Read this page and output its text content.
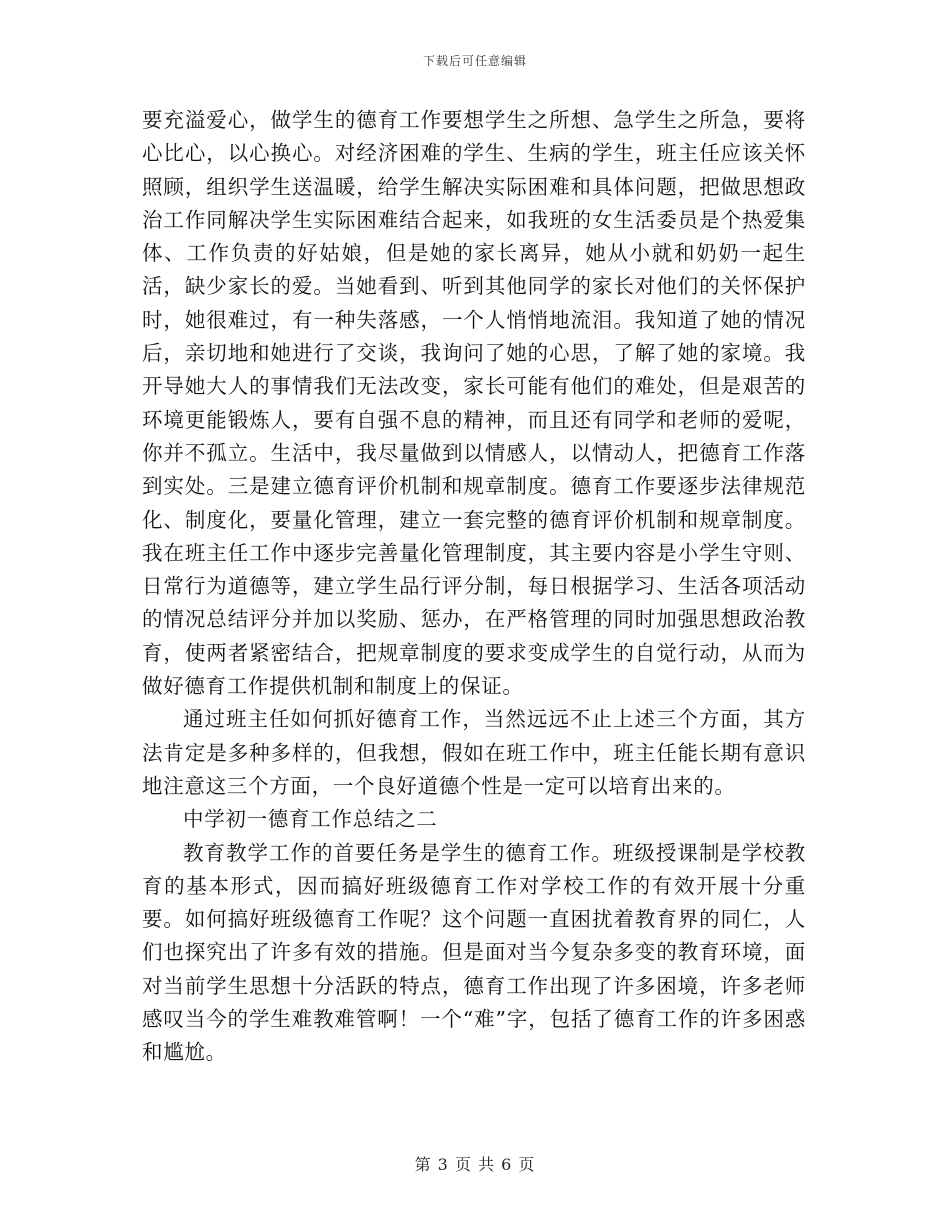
下载后可任意编辑

要充溢爱心，做学生的德育工作要想学生之所想、急学生之所急，要将心比心，以心换心。对经济困难的学生、生病的学生，班主任应该关怀照顾，组织学生送温暖，给学生解决实际困难和具体问题，把做思想政治工作同解决学生实际困难结合起来，如我班的女生活委员是个热爱集体、工作负责的好姑娘，但是她的家长离异，她从小就和奶奶一起生活，缺少家长的爱。当她看到、听到其他同学的家长对他们的关怀保护时，她很难过，有一种失落感，一个人悄悄地流泪。我知道了她的情况后，亲切地和她进行了交谈，我询问了她的心思，了解了她的家境。我开导她大人的事情我们无法改变，家长可能有他们的难处，但是艰苦的环境更能锻炼人，要有自强不息的精神，而且还有同学和老师的爱呢，你并不孤立。生活中，我尽量做到以情感人，以情动人，把德育工作落到实处。三是建立德育评价机制和规章制度。德育工作要逐步法律规范化、制度化，要量化管理，建立一套完整的德育评价机制和规章制度。我在班主任工作中逐步完善量化管理制度，其主要内容是小学生守则、日常行为道德等，建立学生品行评分制，每日根据学习、生活各项活动的情况总结评分并加以奖励、惩办，在严格管理的同时加强思想政治教育，使两者紧密结合，把规章制度的要求变成学生的自觉行动，从而为做好德育工作提供机制和制度上的保证。

通过班主任如何抓好德育工作，当然远远不止上述三个方面，其方法肯定是多种多样的，但我想，假如在班工作中，班主任能长期有意识地注意这三个方面，一个良好道德个性是一定可以培育出来的。

中学初一德育工作总结之二

教育教学工作的首要任务是学生的德育工作。班级授课制是学校教育的基本形式，因而搞好班级德育工作对学校工作的有效开展十分重要。如何搞好班级德育工作呢？这个问题一直困扰着教育界的同仁，人们也探究出了许多有效的措施。但是面对当今复杂多变的教育环境，面对当前学生思想十分活跃的特点，德育工作出现了许多困境，许多老师感叹当今的学生难教难管啊！一个“难”字，包括了德育工作的许多困惑和尴尬。

第 3 页 共 6 页
